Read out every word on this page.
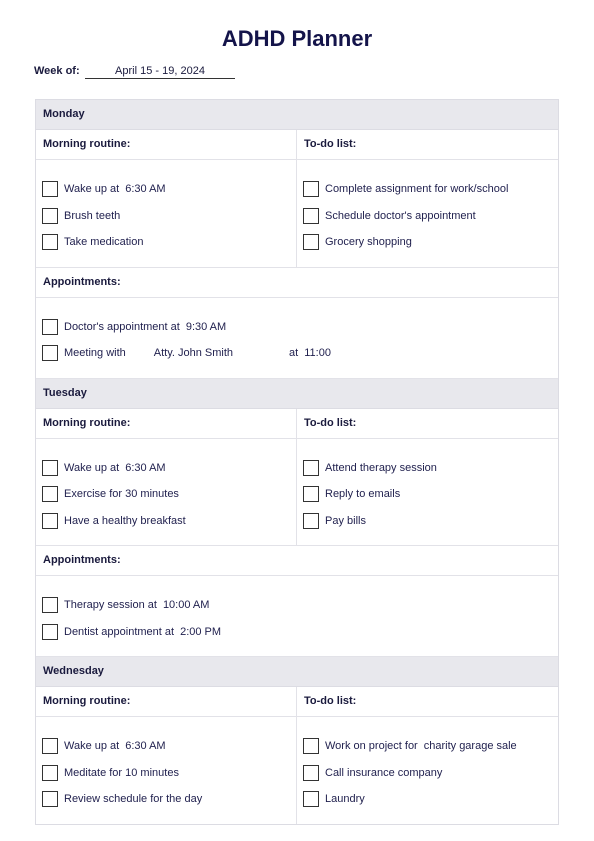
ADHD Planner
Week of:	April 15 - 19, 2024
Monday
Morning routine:	To-do list:
Wake up at 6:30 AM
Brush teeth
Take medication
Complete assignment for work/school
Schedule doctor's appointment
Grocery shopping
Appointments:
Doctor's appointment at 9:30 AM
Meeting with	Atty. John Smith	at 11:00
Tuesday
Morning routine:	To-do list:
Wake up at 6:30 AM
Exercise for 30 minutes
Have a healthy breakfast
Attend therapy session
Reply to emails
Pay bills
Appointments:
Therapy session at 10:00 AM
Dentist appointment at 2:00 PM
Wednesday
Morning routine:	To-do list:
Wake up at 6:30 AM
Meditate for 10 minutes
Review schedule for the day
Work on project for charity garage sale
Call insurance company
Laundry
